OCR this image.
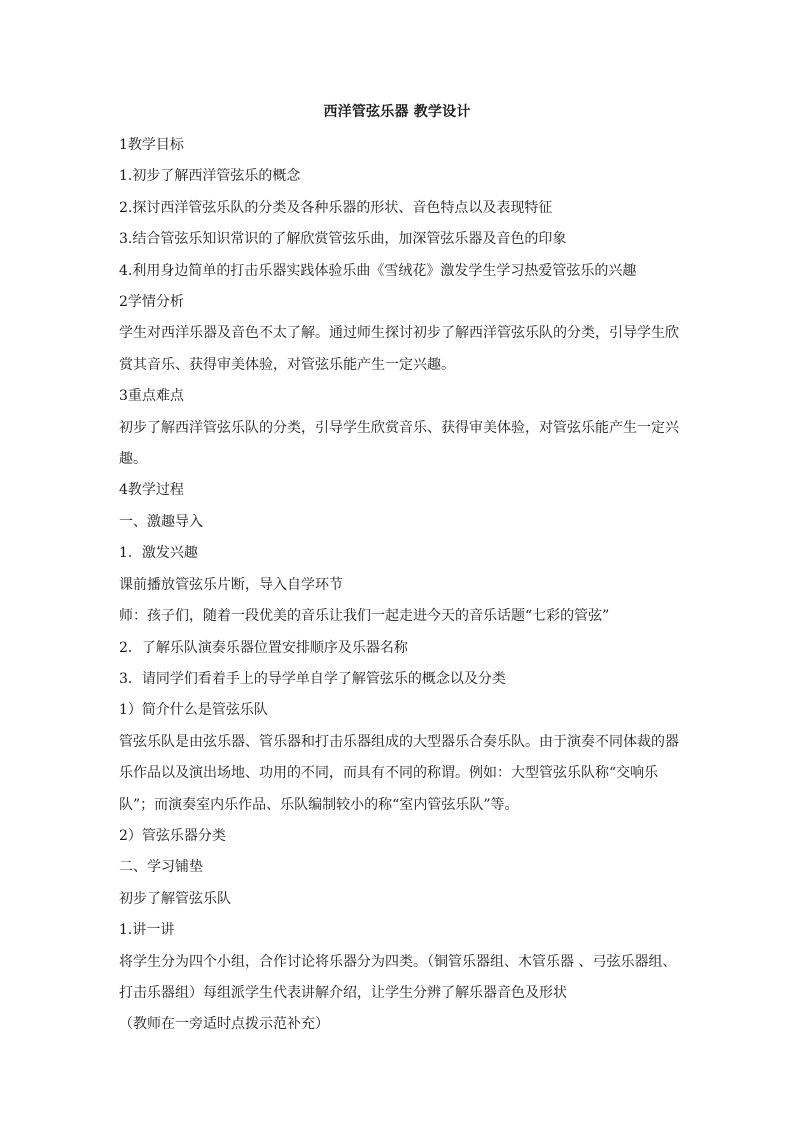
西洋管弦乐器 教学设计

1教学目标

1.初步了解西洋管弦乐的概念

2.探讨西洋管弦乐队的分类及各种乐器的形状、音色特点以及表现特征

3.结合管弦乐知识常识的了解欣赏管弦乐曲，加深管弦乐器及音色的印象

4.利用身边简单的打击乐器实践体验乐曲《雪绒花》激发学生学习热爱管弦乐的兴趣

2学情分析

学生对西洋乐器及音色不太了解。通过师生探讨初步了解西洋管弦乐队的分类，引导学生欣赏其音乐、获得审美体验，对管弦乐能产生一定兴趣。

3重点难点

初步了解西洋管弦乐队的分类，引导学生欣赏音乐、获得审美体验，对管弦乐能产生一定兴趣。

4教学过程

一、激趣导入

1．激发兴趣

课前播放管弦乐片断，导入自学环节

师：孩子们，随着一段优美的音乐让我们一起走进今天的音乐话题“七彩的管弦”

2．了解乐队演奏乐器位置安排顺序及乐器名称

3．请同学们看着手上的导学单自学了解管弦乐的概念以及分类

1）简介什么是管弦乐队

管弦乐队是由弦乐器、管乐器和打击乐器组成的大型器乐合奏乐队。由于演奏不同体裁的器乐作品以及演出场地、功用的不同，而具有不同的称谓。例如：大型管弦乐队称“交响乐队”；而演奏室内乐作品、乐队编制较小的称“室内管弦乐队”等。

2）管弦乐器分类

二、学习铺垫

初步了解管弦乐队

1.讲一讲

将学生分为四个小组，合作讨论将乐器分为四类。（铜管乐器组、木管乐器 、弓弦乐器组、打击乐器组）每组派学生代表讲解介绍，让学生分辨了解乐器音色及形状

（教师在一旁适时点拨示范补充）
